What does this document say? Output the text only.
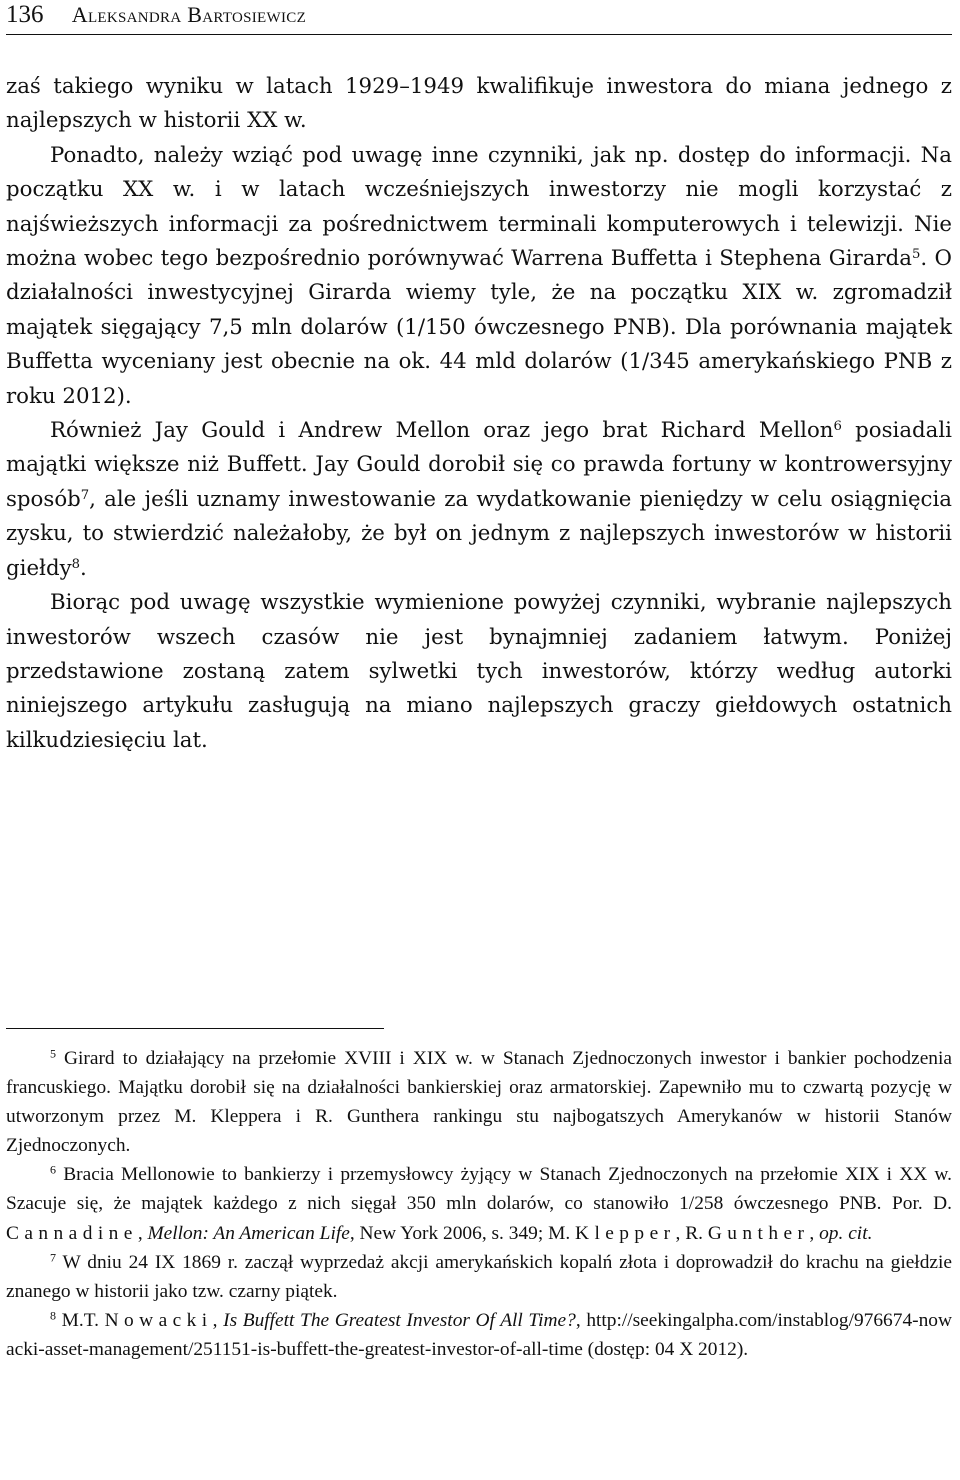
136 Aleksandra Bartosiewicz

zaś takiego wyniku w latach 1929–1949 kwalifikuje inwestora do miana jednego z najlepszych w historii XX w.

Ponadto, należy wziąć pod uwagę inne czynniki, jak np. dostęp do informacji. Na początku XX w. i w latach wcześniejszych inwestorzy nie mogli korzystać z najświeższych informacji za pośrednictwem terminali komputerowych i telewizji. Nie można wobec tego bezpośrednio porównywać Warrena Buffetta i Stephena Girarda$^5$. O działalności inwestycyjnej Girarda wiemy tyle, że na początku XIX w. zgromadził majątek sięgający 7,5 mln dolarów (1/150 ówczesnego PNB). Dla porównania majątek Buffetta wyceniany jest obecnie na ok. 44 mld dolarów (1/345 amerykańskiego PNB z roku 2012).

Również Jay Gould i Andrew Mellon oraz jego brat Richard Mellon$^6$ posiadali majątki większe niż Buffett. Jay Gould dorobił się co prawda fortuny w kontrowersyjny sposób$^7$, ale jeśli uznamy inwestowanie za wydatkowanie pieniędzy w celu osiągnięcia zysku, to stwierdzić należałoby, że był on jednym z najlepszych inwestorów w historii giełdy$^8$.

Biorąc pod uwagę wszystkie wymienione powyżej czynniki, wybranie najlepszych inwestorów wszech czasów nie jest bynajmniej zadaniem łatwym. Poniżej przedstawione zostaną zatem sylwetki tych inwestorów, którzy według autorki niniejszego artykułu zasługują na miano najlepszych graczy giełdowych ostatnich kilkudziesięciu lat.

$^5$ Girard to działający na przełomie XVIII i XIX w. w Stanach Zjednoczonych inwestor i bankier pochodzenia francuskiego. Majątku dorobił się na działalności bankierskiej oraz armatorskiej. Zapewniło mu to czwartą pozycję w utworzonym przez M. Kleppera i R. Gunthera rankingu stu najbogatszych Amerykanów w historii Stanów Zjednoczonych.

$^6$ Bracia Mellonowie to bankierzy i przemysłowcy żyjący w Stanach Zjednoczonych na przełomie XIX i XX w. Szacuje się, że majątek każdego z nich sięgał 350 mln dolarów, co stanowiło 1/258 ówczesnego PNB. Por. D. Cannadine, Mellon: An American Life, New York 2006, s. 349; M. Klepper, R. Gunther, op. cit.

$^7$ W dniu 24 IX 1869 r. zaczął wyprzedaż akcji amerykańskich kopalń złota i doprowadził do krachu na giełdzie znanego w historii jako tzw. czarny piątek.

$^8$ M.T. Nowacki, Is Buffett The Greatest Investor Of All Time?, http://seekingalpha.com/instablog/976674-nowacki-asset-management/251151-is-buffett-the-greatest-investor-of-all-time (dostęp: 04 X 2012).
